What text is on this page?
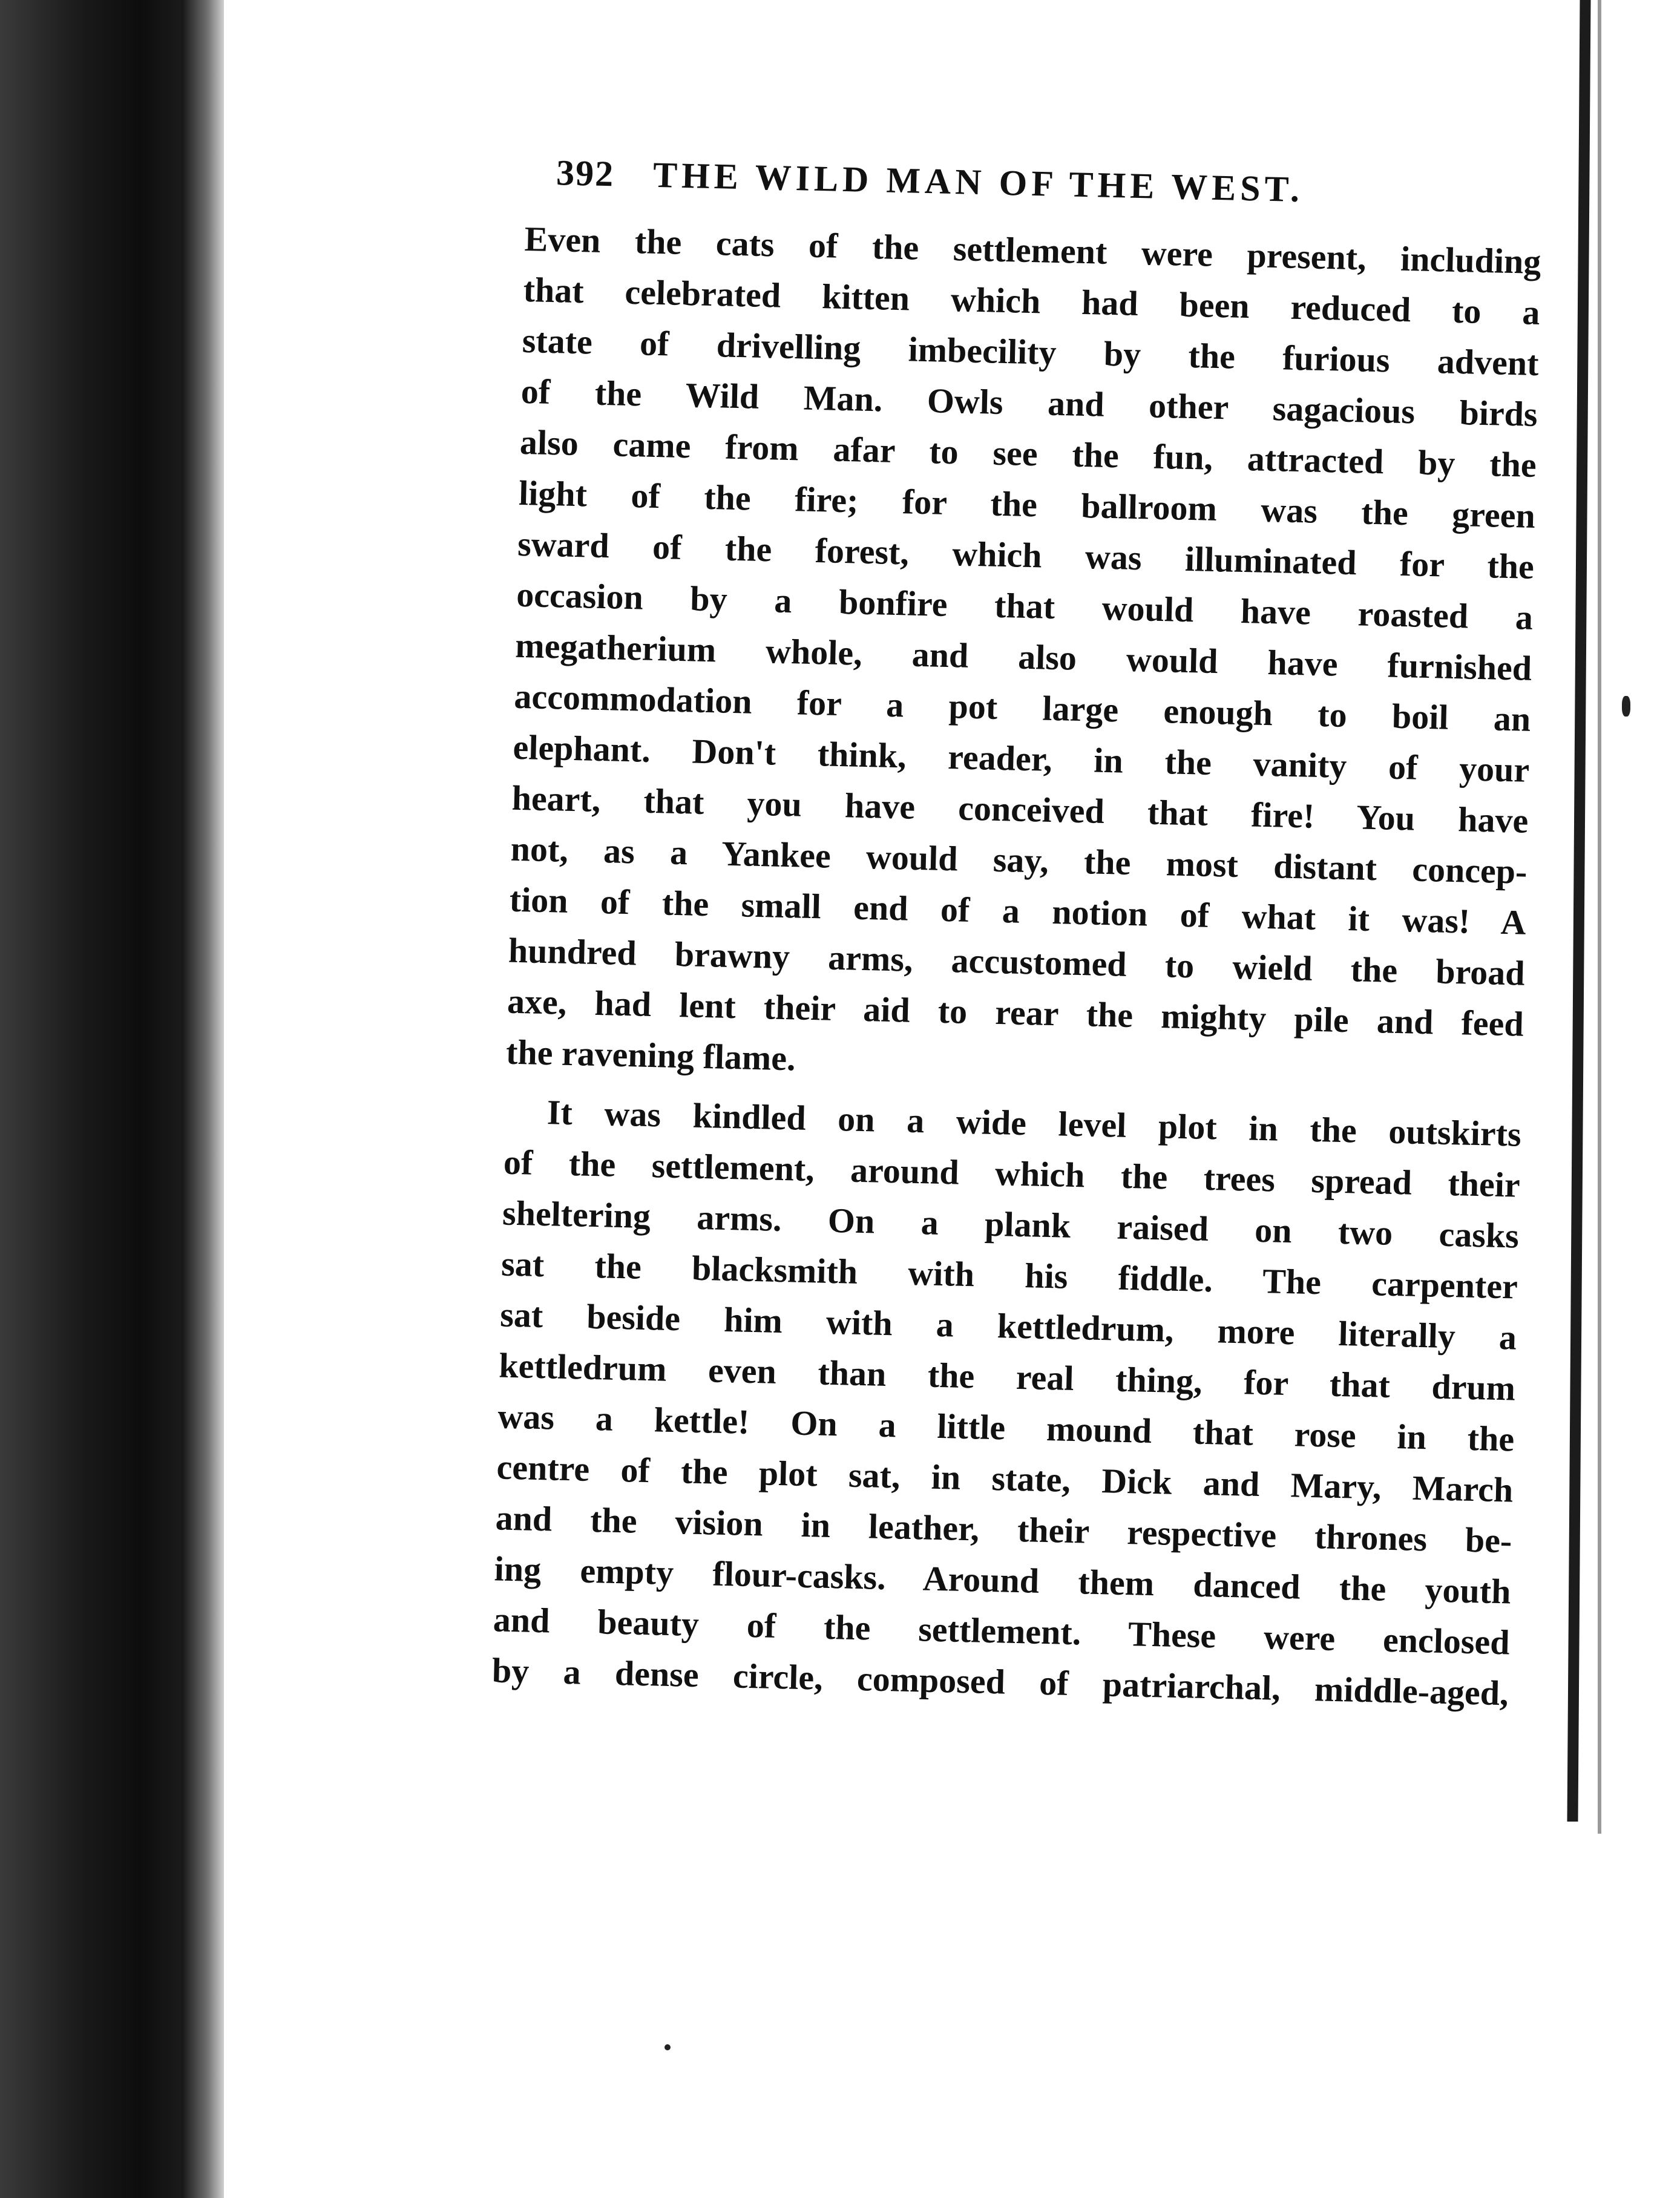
392 THE WILD MAN OF THE WEST.

Even the cats of the settlement were present, including
that celebrated kitten which had been reduced to a
state of drivelling imbecility by the furious advent
of the Wild Man. Owls and other sagacious birds
also came from afar to see the fun, attracted by the
light of the fire; for the ballroom was the green
sward of the forest, which was illuminated for the
occasion by a bonfire that would have roasted a
megatherium whole, and also would have furnished
accommodation for a pot large enough to boil an
elephant. Don't think, reader, in the vanity of your
heart, that you have conceived that fire! You have
not, as a Yankee would say, the most distant concep-
tion of the small end of a notion of what it was! A
hundred brawny arms, accustomed to wield the broad
axe, had lent their aid to rear the mighty pile and feed
the ravening flame.

It was kindled on a wide level plot in the outskirts
of the settlement, around which the trees spread their
sheltering arms. On a plank raised on two casks
sat the blacksmith with his fiddle. The carpenter
sat beside him with a kettledrum, more literally a
kettledrum even than the real thing, for that drum
was a kettle! On a little mound that rose in the
centre of the plot sat, in state, Dick and Mary, March
and the vision in leather, their respective thrones be-
ing empty flour-casks. Around them danced the youth
and beauty of the settlement. These were enclosed
by a dense circle, composed of patriarchal, middle-aged,
